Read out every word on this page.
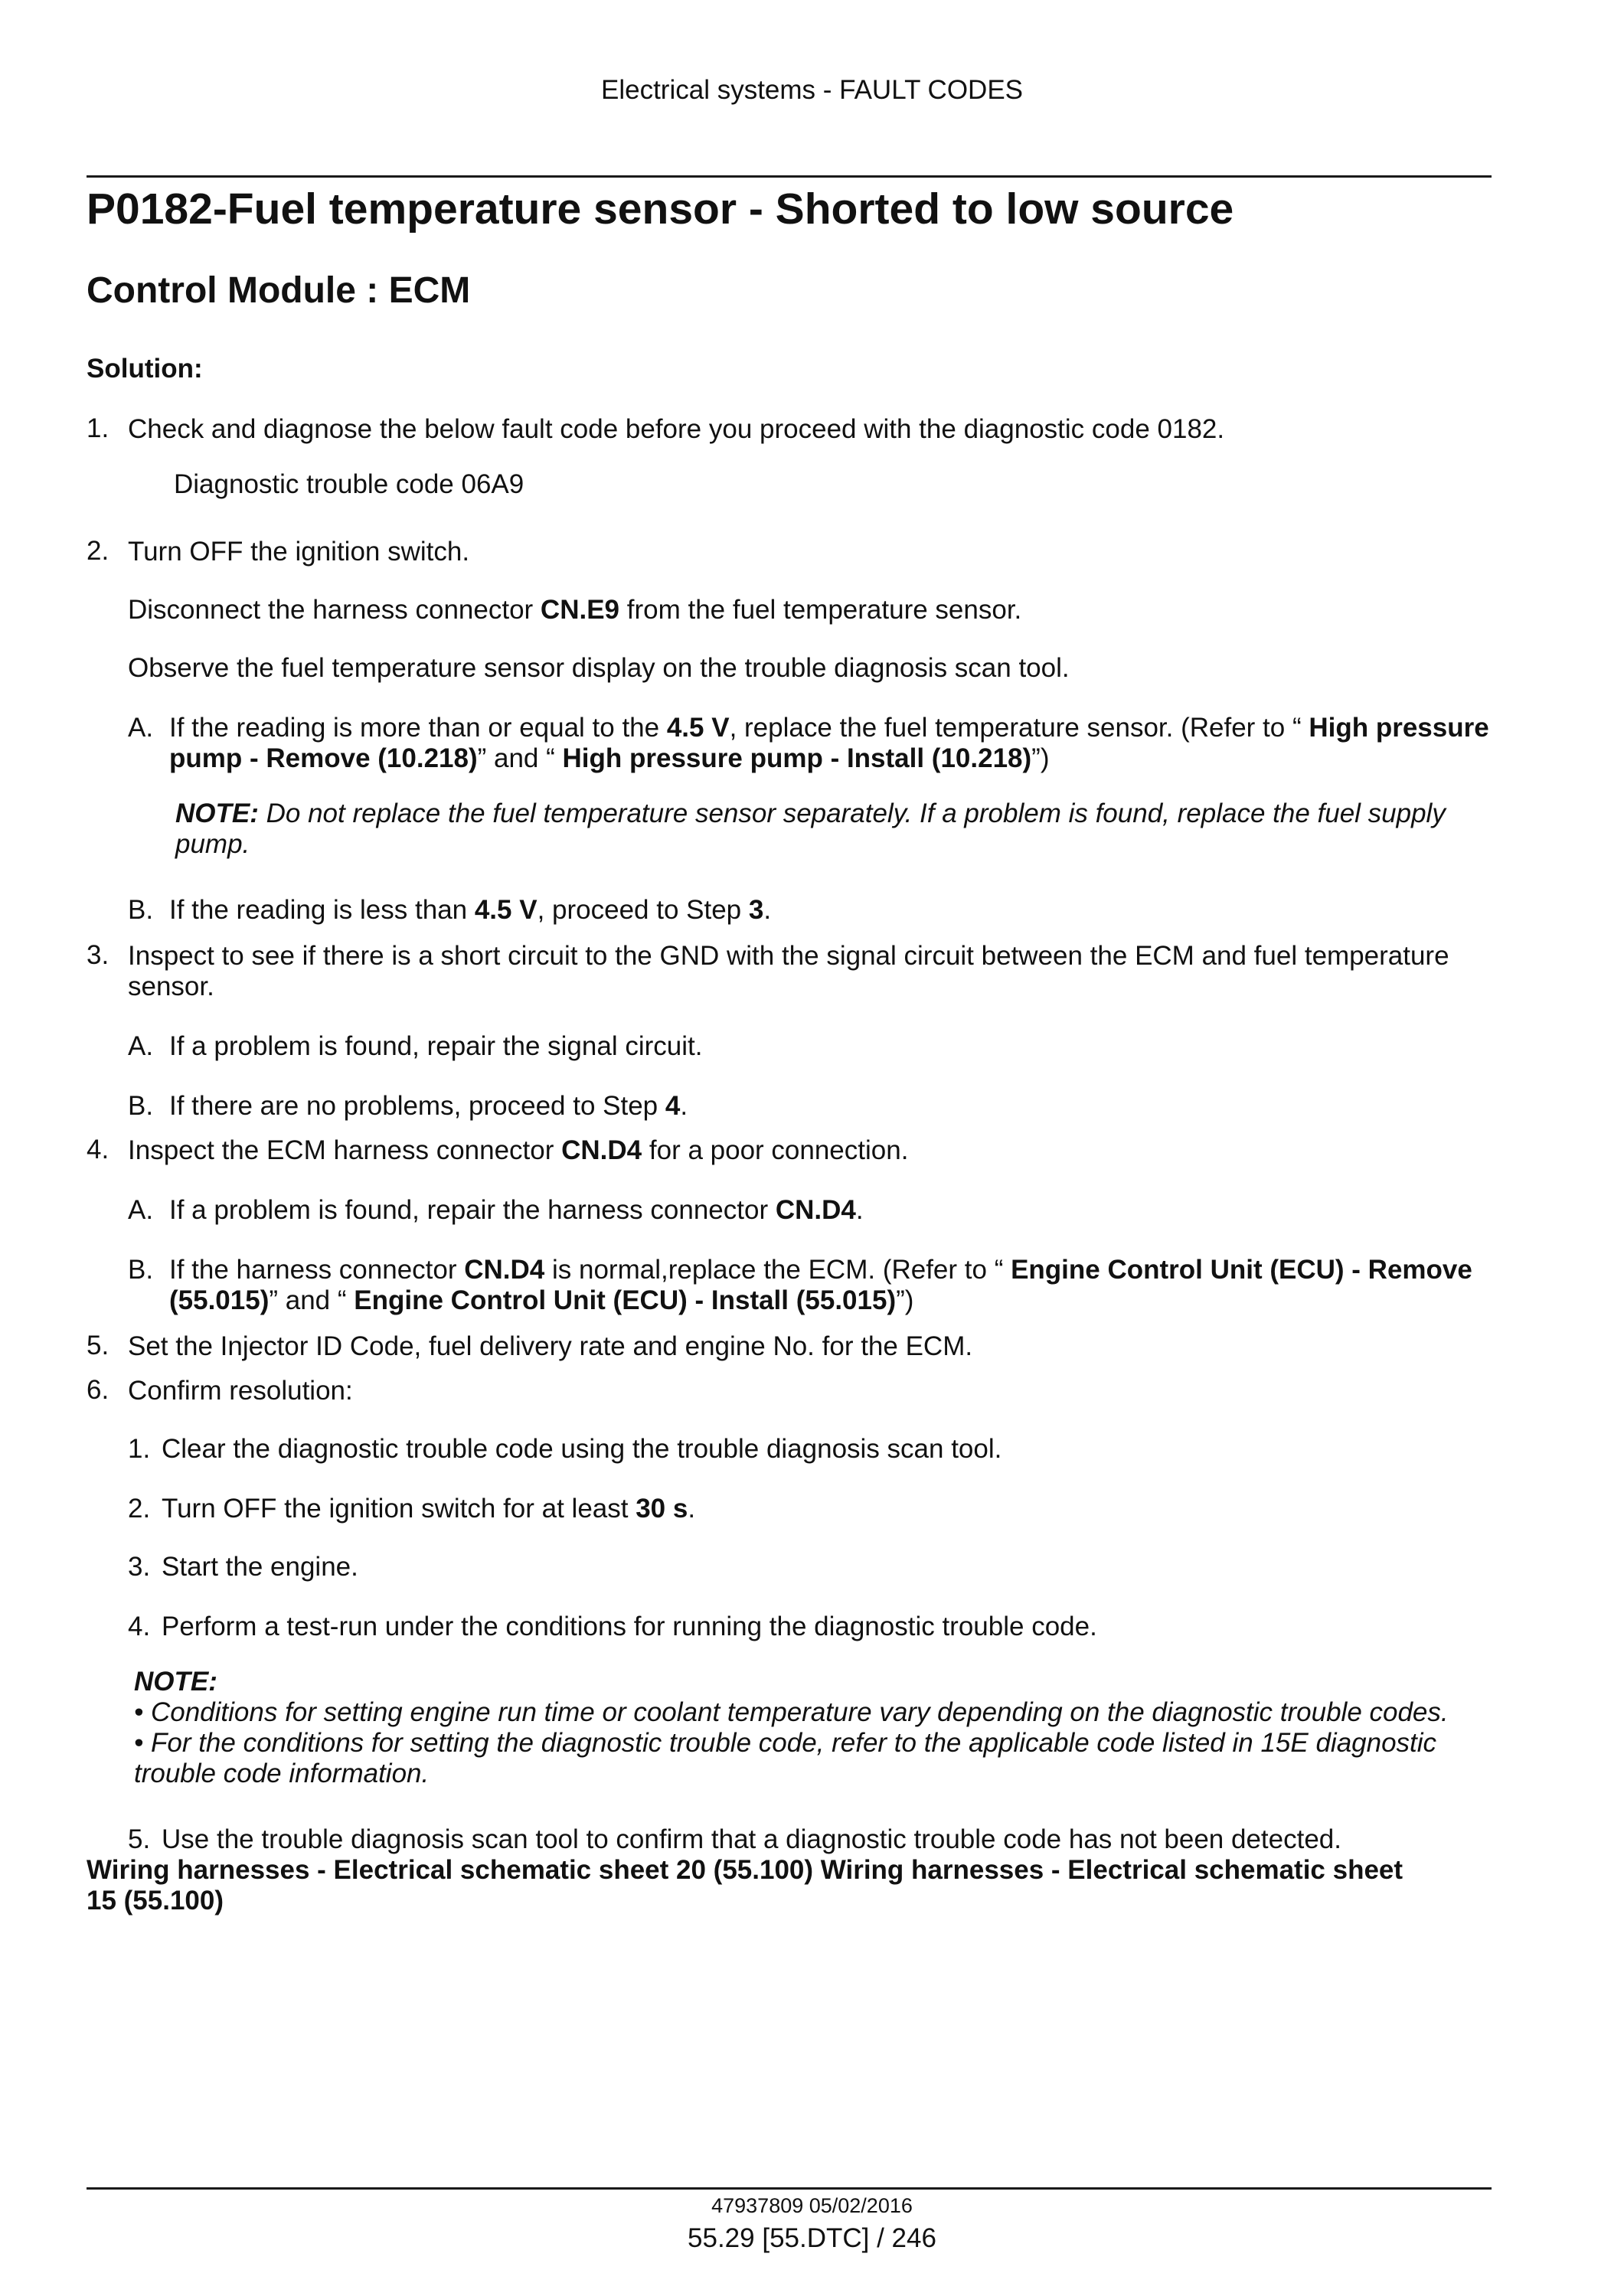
Electrical systems - FAULT CODES
P0182-Fuel temperature sensor - Shorted to low source
Control Module : ECM
Solution:
1. Check and diagnose the below fault code before you proceed with the diagnostic code 0182.
Diagnostic trouble code 06A9
2. Turn OFF the ignition switch.
Disconnect the harness connector CN.E9 from the fuel temperature sensor.
Observe the fuel temperature sensor display on the trouble diagnosis scan tool.
A. If the reading is more than or equal to the 4.5 V, replace the fuel temperature sensor. (Refer to “ High pressure
pump - Remove (10.218)” and “ High pressure pump - Install (10.218)”)
NOTE: Do not replace the fuel temperature sensor separately. If a problem is found, replace the fuel supply
pump.
B. If the reading is less than 4.5 V, proceed to Step 3.
3. Inspect to see if there is a short circuit to the GND with the signal circuit between the ECM and fuel temperature
sensor.
A. If a problem is found, repair the signal circuit.
B. If there are no problems, proceed to Step 4.
4. Inspect the ECM harness connector CN.D4 for a poor connection.
A. If a problem is found, repair the harness connector CN.D4.
B. If the harness connector CN.D4 is normal,replace the ECM. (Refer to “ Engine Control Unit (ECU) - Remove
(55.015)” and “ Engine Control Unit (ECU) - Install (55.015)”)
5. Set the Injector ID Code, fuel delivery rate and engine No. for the ECM.
6. Confirm resolution:
1. Clear the diagnostic trouble code using the trouble diagnosis scan tool.
2. Turn OFF the ignition switch for at least 30 s.
3. Start the engine.
4. Perform a test-run under the conditions for running the diagnostic trouble code.
NOTE:
• Conditions for setting engine run time or coolant temperature vary depending on the diagnostic trouble codes.
• For the conditions for setting the diagnostic trouble code, refer to the applicable code listed in 15E diagnostic
trouble code information.
5. Use the trouble diagnosis scan tool to confirm that a diagnostic trouble code has not been detected.
Wiring harnesses - Electrical schematic sheet 20 (55.100) Wiring harnesses - Electrical schematic sheet
15 (55.100)
47937809 05/02/2016
55.29 [55.DTC] / 246
